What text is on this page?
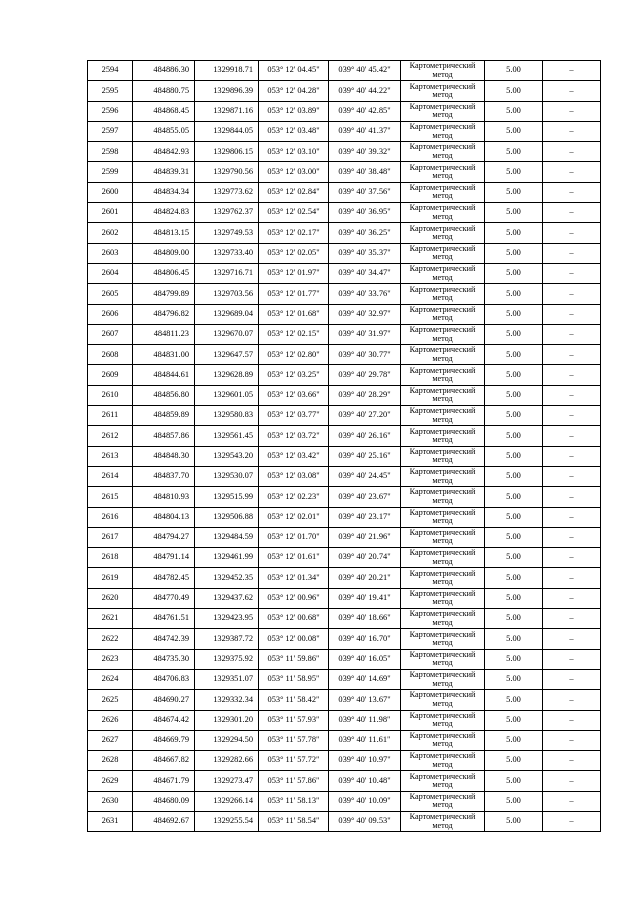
2594	484886.30	1329918.71	053° 12' 04.45"	039° 40' 45.42"	Картометрический метод	5.00	–
2595	484880.75	1329896.39	053° 12' 04.28"	039° 40' 44.22"	Картометрический метод	5.00	–
2596	484868.45	1329871.16	053° 12' 03.89"	039° 40' 42.85"	Картометрический метод	5.00	–
2597	484855.05	1329844.05	053° 12' 03.48"	039° 40' 41.37"	Картометрический метод	5.00	–
2598	484842.93	1329806.15	053° 12' 03.10"	039° 40' 39.32"	Картометрический метод	5.00	–
2599	484839.31	1329790.56	053° 12' 03.00"	039° 40' 38.48"	Картометрический метод	5.00	–
2600	484834.34	1329773.62	053° 12' 02.84"	039° 40' 37.56"	Картометрический метод	5.00	–
2601	484824.83	1329762.37	053° 12' 02.54"	039° 40' 36.95"	Картометрический метод	5.00	–
2602	484813.15	1329749.53	053° 12' 02.17"	039° 40' 36.25"	Картометрический метод	5.00	–
2603	484809.00	1329733.40	053° 12' 02.05"	039° 40' 35.37"	Картометрический метод	5.00	–
2604	484806.45	1329716.71	053° 12' 01.97"	039° 40' 34.47"	Картометрический метод	5.00	–
2605	484799.89	1329703.56	053° 12' 01.77"	039° 40' 33.76"	Картометрический метод	5.00	–
2606	484796.82	1329689.04	053° 12' 01.68"	039° 40' 32.97"	Картометрический метод	5.00	–
2607	484811.23	1329670.07	053° 12' 02.15"	039° 40' 31.97"	Картометрический метод	5.00	–
2608	484831.00	1329647.57	053° 12' 02.80"	039° 40' 30.77"	Картометрический метод	5.00	–
2609	484844.61	1329628.89	053° 12' 03.25"	039° 40' 29.78"	Картометрический метод	5.00	–
2610	484856.80	1329601.05	053° 12' 03.66"	039° 40' 28.29"	Картометрический метод	5.00	–
2611	484859.89	1329580.83	053° 12' 03.77"	039° 40' 27.20"	Картометрический метод	5.00	–
2612	484857.86	1329561.45	053° 12' 03.72"	039° 40' 26.16"	Картометрический метод	5.00	–
2613	484848.30	1329543.20	053° 12' 03.42"	039° 40' 25.16"	Картометрический метод	5.00	–
2614	484837.70	1329530.07	053° 12' 03.08"	039° 40' 24.45"	Картометрический метод	5.00	–
2615	484810.93	1329515.99	053° 12' 02.23"	039° 40' 23.67"	Картометрический метод	5.00	–
2616	484804.13	1329506.88	053° 12' 02.01"	039° 40' 23.17"	Картометрический метод	5.00	–
2617	484794.27	1329484.59	053° 12' 01.70"	039° 40' 21.96"	Картометрический метод	5.00	–
2618	484791.14	1329461.99	053° 12' 01.61"	039° 40' 20.74"	Картометрический метод	5.00	–
2619	484782.45	1329452.35	053° 12' 01.34"	039° 40' 20.21"	Картометрический метод	5.00	–
2620	484770.49	1329437.62	053° 12' 00.96"	039° 40' 19.41"	Картометрический метод	5.00	–
2621	484761.51	1329423.95	053° 12' 00.68"	039° 40' 18.66"	Картометрический метод	5.00	–
2622	484742.39	1329387.72	053° 12' 00.08"	039° 40' 16.70"	Картометрический метод	5.00	–
2623	484735.30	1329375.92	053° 11' 59.86"	039° 40' 16.05"	Картометрический метод	5.00	–
2624	484706.83	1329351.07	053° 11' 58.95"	039° 40' 14.69"	Картометрический метод	5.00	–
2625	484690.27	1329332.34	053° 11' 58.42"	039° 40' 13.67"	Картометрический метод	5.00	–
2626	484674.42	1329301.20	053° 11' 57.93"	039° 40' 11.98"	Картометрический метод	5.00	–
2627	484669.79	1329294.50	053° 11' 57.78"	039° 40' 11.61"	Картометрический метод	5.00	–
2628	484667.82	1329282.66	053° 11' 57.72"	039° 40' 10.97"	Картометрический метод	5.00	–
2629	484671.79	1329273.47	053° 11' 57.86"	039° 40' 10.48"	Картометрический метод	5.00	–
2630	484680.09	1329266.14	053° 11' 58.13"	039° 40' 10.09"	Картометрический метод	5.00	–
2631	484692.67	1329255.54	053° 11' 58.54"	039° 40' 09.53"	Картометрический метод	5.00	–
